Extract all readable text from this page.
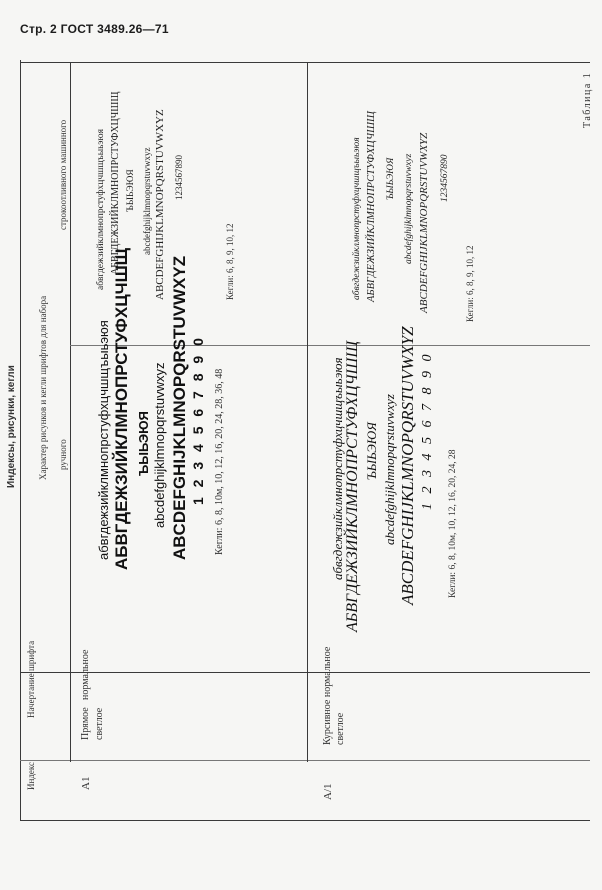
Стр. 2 ГОСТ 3489.26—71
Таблица 1
Индексы, рисунки, кегли
Индекс
Начертание шрифта
Характер рисунков и кегли шрифтов для набора ручного
строкоотливного машинного
А1
Прямое
нормальное
светлое
абвгдежзийклмнопрстуфхцчшщъыьэюя АБВГДЕЖЗИЙКЛМНОПРСТУФХЦЧШЩ ЪЫЬЭЮЯ abcdefghijklmnopqrstuvwxyz ABCDEFGHIJKLMNOPQRSTUVWXYZ 1 2 3 4 5 6 7 8 9 0 Кегли: 6, 8, 10м, 10, 12, 16, 20, 24, 28, 36, 48
абвгдежзийклмнопрстуфхцчшщъыьэюя АБВГДЕЖЗИЙКЛМНОПРСТУФХЦЧШЩ ЪЫЬЭЮЯ abcdefghijklmnopqrstuvwxyz ABCDEFGHIJKLMNOPQRSTUVWXYZ 1234567890
Кегли: 6, 8, 9, 10, 12
А/1
Курсивное нормальное светлое
абвгдежзийклмнопрстуфхцчшщъыьэюя АБВГДЕЖЗИЙКЛМНОПРСТУФХЦЧШЩ ЪЫЬЭЮЯ abcdefghijklmnopqrstuvwxyz ABCDEFGHIJKLMNOPQRSTUVWXYZ 1 2 3 4 5 6 7 8 9 0
Кегли: 6, 8, 10м, 10, 12, 16, 20, 24, 28
абвгдежзийклмнопрстуфхцчшщъыьэюя АБВГДЕЖЗИЙКЛМНОПРСТУФХЦЧШЩ ЪЫЬЭЮЯ abcdefghijklmnopqrstuvwxyz ABCDEFGHIJKLMNOPQRSTUVWXYZ 1234567890
Кегли: 6, 8, 9, 10, 12
